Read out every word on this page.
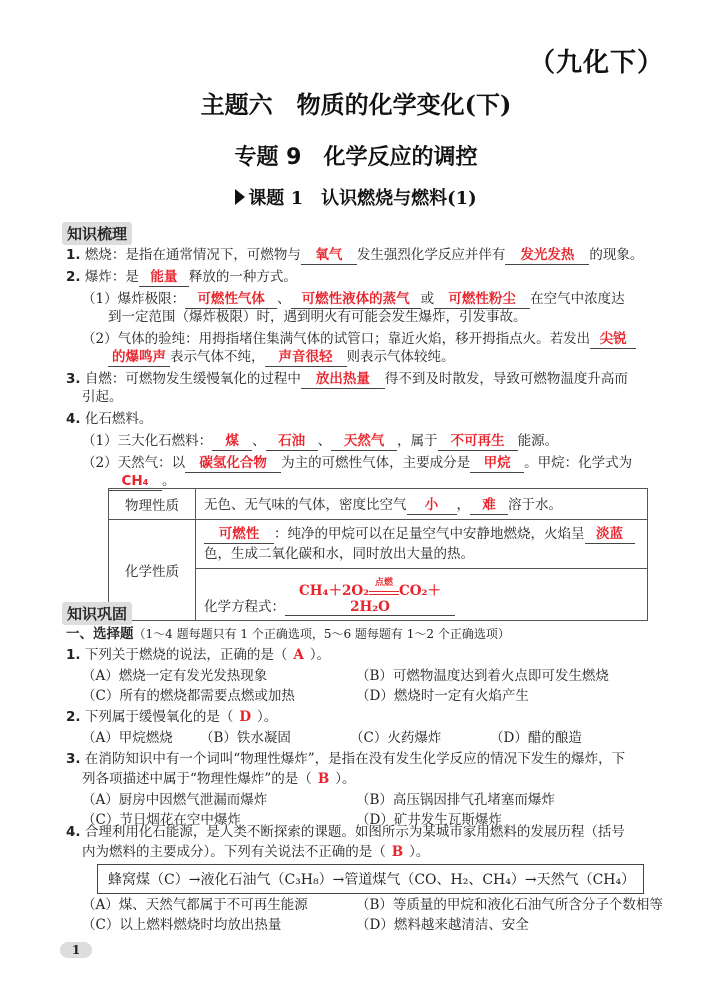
（九化下）
主题六　物质的化学变化(下)
专题 9　化学反应的调控
课题 1　认识燃烧与燃料(1)
知识梳理
1. 燃烧：是指在通常情况下，可燃物与 氧气 发生强烈化学反应并伴有 发光发热 的现象。
2. 爆炸：是 能量 释放的一种方式。
（1）爆炸极限： 可燃性气体 、 可燃性液体的蒸气 或 可燃性粉尘 在空气中浓度达
到一定范围（爆炸极限）时，遇到明火有可能会发生爆炸，引发事故。
（2）气体的验纯：用拇指堵住集满气体的试管口；靠近火焰，移开拇指点火。若发出 尖锐
的爆鸣声 表示气体不纯， 声音很轻 则表示气体较纯。
3. 自燃：可燃物发生缓慢氧化的过程中 放出热量 得不到及时散发，导致可燃物温度升高而
引起。
4. 化石燃料。
（1）三大化石燃料： 煤 、 石油 、 天然气 ，属于 不可再生 能源。
（2）天然气：以 碳氢化合物 为主的可燃性气体，主要成分是 甲烷 。甲烷：化学式为
CH₄ 。
物理性质	无色、无气味的气体，密度比空气 小 ， 难 溶于水。
化学性质	可燃性 ：纯净的甲烷可以在足量空气中安静地燃烧，火焰呈 淡蓝
色，生成二氧化碳和水，同时放出大量的热。
	化学方程式：CH₄＋2O₂ 点燃 CO₂＋2H₂O
知识巩固
一、选择题（1～4 题每题只有 1 个正确选项，5～6 题每题有 1～2 个正确选项）
1. 下列关于燃烧的说法，正确的是（ A ）。
（A）燃烧一定有发光发热现象	（B）可燃物温度达到着火点即可发生燃烧
（C）所有的燃烧都需要点燃或加热	（D）燃烧时一定有火焰产生
2. 下列属于缓慢氧化的是（ D ）。
（A）甲烷燃烧 （B）铁水凝固	（C）火药爆炸	（D）醋的酿造
3. 在消防知识中有一个词叫“物理性爆炸”，是指在没有发生化学反应的情况下发生的爆炸，下
列各项描述中属于“物理性爆炸”的是（ B ）。
（A）厨房中因燃气泄漏而爆炸	（B）高压锅因排气孔堵塞而爆炸
（C）节日烟花在空中爆炸	（D）矿井发生瓦斯爆炸
4. 合理利用化石能源，是人类不断探索的课题。如图所示为某城市家用燃料的发展历程（括号
内为燃料的主要成分）。下列有关说法不正确的是（ B ）。
蜂窝煤（C）→液化石油气（C₃H₈）→管道煤气（CO、H₂、CH₄）→天然气（CH₄）
（A）煤、天然气都属于不可再生能源	（B）等质量的甲烷和液化石油气所含分子个数相等
（C）以上燃料燃烧时均放出热量	（D）燃料越来越清洁、安全
1
